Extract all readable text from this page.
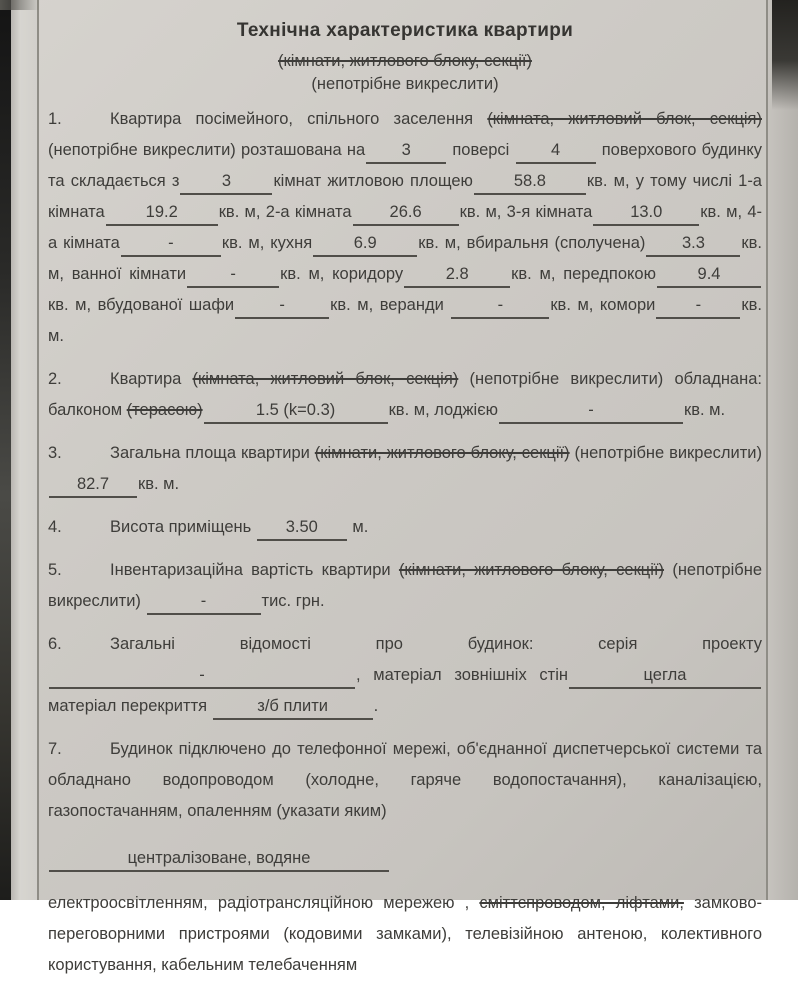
Технічна характеристика квартири
(кімнати, житлового блоку, секції)
(непотрібне викреслити)
1.	Квартира посімейного, спільного заселення (кімната, житловий блок, секція) (непотрібне викреслити) розташована на 3 поверсі 4 поверхового будинку та складається з	3	кімнат житловою площею 58.8 кв. м, у тому числі 1-а кімната 19.2 кв. м, 2-а кімната 26.6 кв. м, 3-я кімната 13.0 кв. м, 4-а кімната	-	кв. м, кухня	6.9	кв. м, вбиральня (сполучена) 3.3 кв. м, ванної кімнати	-	кв. м, коридору	2.8	кв. м, передпокою	9.4кв. м, вбудованої шафи	-	кв. м, веранди	-	кв. м, комори - кв. м.
2.	Квартира (кімната, житловий блок, секція) (непотрібне викреслити) обладнана: балконом (терасою)	1.5 (k=0.3)	кв. м, лоджією	-	кв. м.
3.	Загальна площа квартири (кімнати, житлового блоку, секції) (непотрібне викреслити)82.7 кв. м.
4.	Висота приміщень 3.50 м.
5.	Інвентаризаційна вартість квартири (кімнати, житлового блоку, секції) (непотрібне викреслити)	-	тис. грн.
6.	Загальні відомості про будинок: серія проекту-	, матеріал зовнішніх стін	цегламатеріал перекриття	з/б плити	.
7.	Будинок підключено до телефонної мережі, об'єднанної диспетчерської системи та обладнано водопроводом (холодне, гаряче водопостачання), каналізацією, газопостачанням, опаленням (указати яким)
централізоване, водяне
електроосвітленням, радіотрансляційною мережею , сміттєпроводом, ліфтами, замково-переговорними пристроями (кодовими замками), телевізійною антеною, колективного користування, кабельним телебаченням
